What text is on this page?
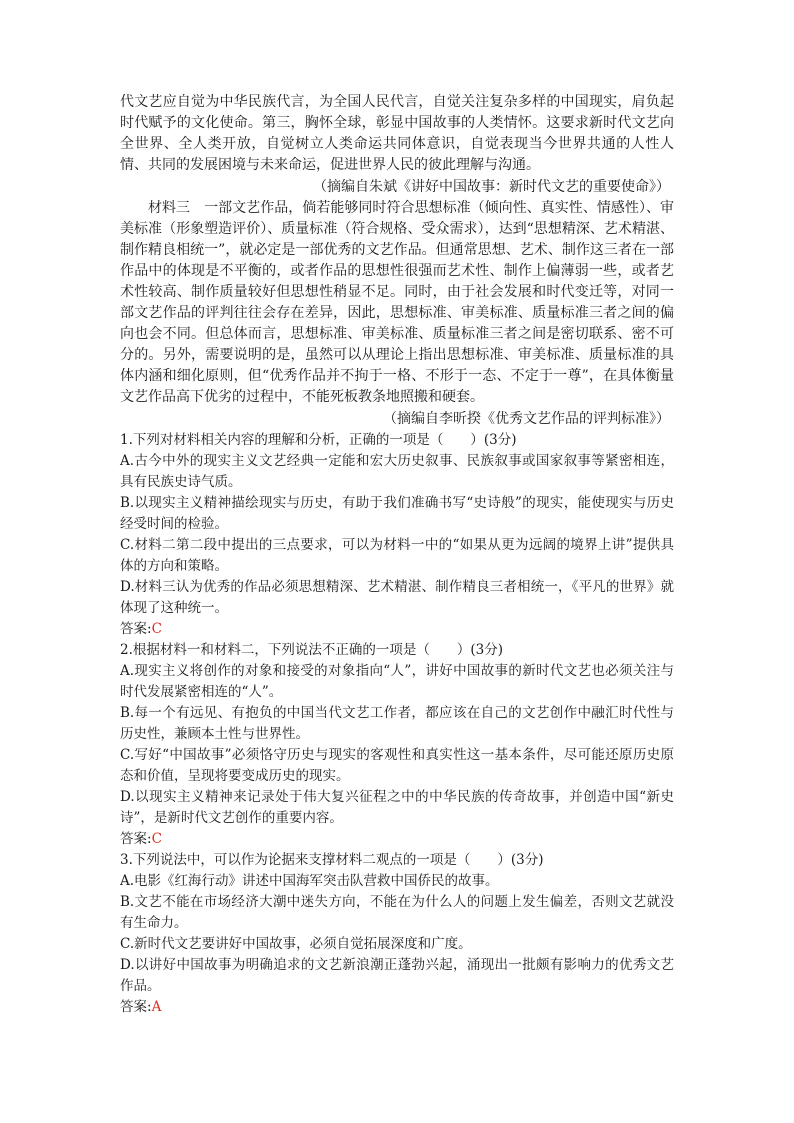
代文艺应自觉为中华民族代言，为全国人民代言，自觉关注复杂多样的中国现实，肩负起时代赋予的文化使命。第三，胸怀全球，彰显中国故事的人类情怀。这要求新时代文艺向全世界、全人类开放，自觉树立人类命运共同体意识，自觉表现当今世界共通的人性人情、共同的发展困境与未来命运，促进世界人民的彼此理解与沟通。

（摘编自朱斌《讲好中国故事：新时代文艺的重要使命》）

材料三　一部文艺作品，倘若能够同时符合思想标准（倾向性、真实性、情感性）、审美标准（形象塑造评价）、质量标准（符合规格、受众需求），达到“思想精深、艺术精湛、制作精良相统一”，就必定是一部优秀的文艺作品。但通常思想、艺术、制作这三者在一部作品中的体现是不平衡的，或者作品的思想性很强而艺术性、制作上偏薄弱一些，或者艺术性较高、制作质量较好但思想性稍显不足。同时，由于社会发展和时代变迁等，对同一部文艺作品的评判往往会存在差异，因此，思想标准、审美标准、质量标准三者之间的偏向也会不同。但总体而言，思想标准、审美标准、质量标准三者之间是密切联系、密不可分的。另外，需要说明的是，虽然可以从理论上指出思想标准、审美标准、质量标准的具体内涵和细化原则，但“优秀作品并不拘于一格、不形于一态、不定于一尊”，在具体衡量文艺作品高下优劣的过程中，不能死板教条地照搬和硬套。

（摘编自李昕揆《优秀文艺作品的评判标准》）

1.下列对材料相关内容的理解和分析，正确的一项是（　　）(3分)

A.古今中外的现实主义文艺经典一定能和宏大历史叙事、民族叙事或国家叙事等紧密相连，具有民族史诗气质。

B.以现实主义精神描绘现实与历史，有助于我们准确书写“史诗般”的现实，能使现实与历史经受时间的检验。

C.材料二第二段中提出的三点要求，可以为材料一中的“如果从更为远阔的境界上讲”提供具体的方向和策略。

D.材料三认为优秀的作品必须思想精深、艺术精湛、制作精良三者相统一，《平凡的世界》就体现了这种统一。

答案:C

2.根据材料一和材料二，下列说法不正确的一项是（　　）(3分)

A.现实主义将创作的对象和接受的对象指向“人”，讲好中国故事的新时代文艺也必须关注与时代发展紧密相连的“人”。

B.每一个有远见、有抱负的中国当代文艺工作者，都应该在自己的文艺创作中融汇时代性与历史性，兼顾本土性与世界性。

C.写好“中国故事”必须恪守历史与现实的客观性和真实性这一基本条件，尽可能还原历史原态和价值，呈现将要变成历史的现实。

D.以现实主义精神来记录处于伟大复兴征程之中的中华民族的传奇故事，并创造中国“新史诗”，是新时代文艺创作的重要内容。

答案:C

3.下列说法中，可以作为论据来支撑材料二观点的一项是（　　）(3分)

A.电影《红海行动》讲述中国海军突击队营救中国侨民的故事。

B.文艺不能在市场经济大潮中迷失方向，不能在为什么人的问题上发生偏差，否则文艺就没有生命力。

C.新时代文艺要讲好中国故事，必须自觉拓展深度和广度。

D.以讲好中国故事为明确追求的文艺新浪潮正蓬勃兴起，涌现出一批颇有影响力的优秀文艺作品。

答案:A
